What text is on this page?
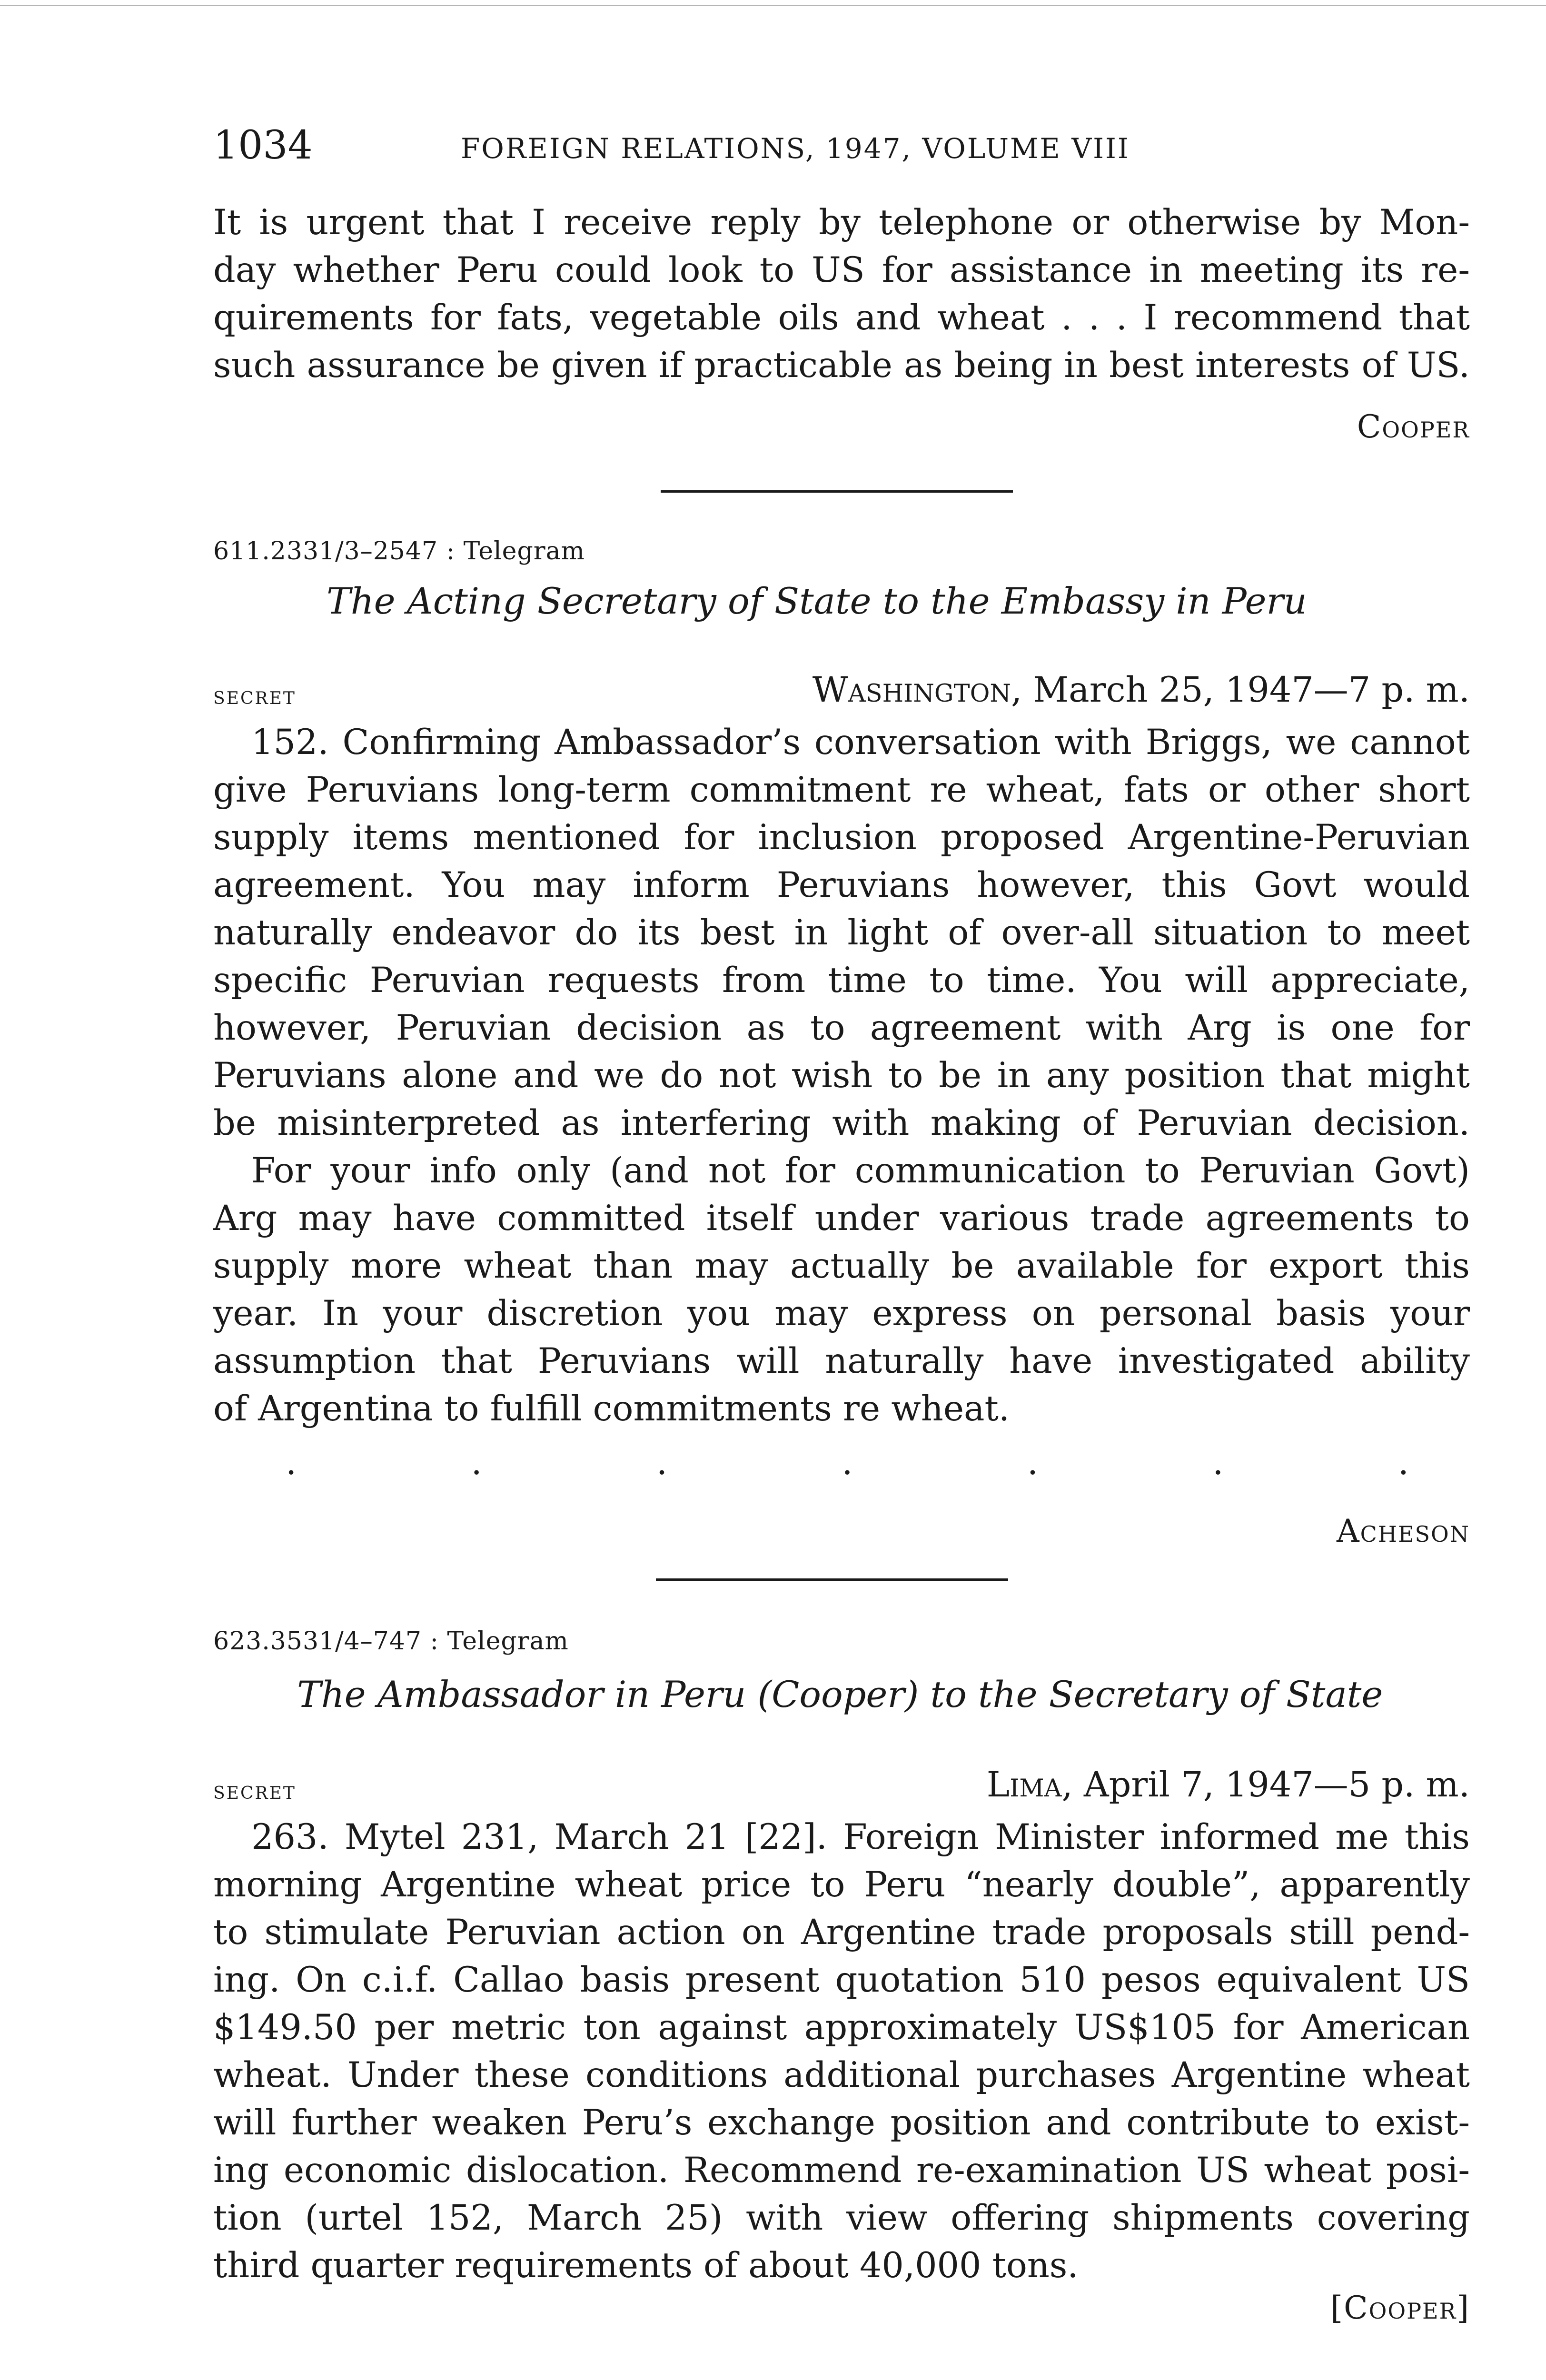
1034	FOREIGN RELATIONS, 1947, VOLUME VIII
It is urgent that I receive reply by telephone or otherwise by Mon-
day whether Peru could look to US for assistance in meeting its re-
quirements for fats, vegetable oils and wheat . . . I recommend that
such assurance be given if practicable as being in best interests of US.
Cooper
611.2331/3–2547 : Telegram
The Acting Secretary of State to the Embassy in Peru
secret	Washington, March 25, 1947—7 p. m.
152. Confirming Ambassador’s conversation with Briggs, we cannot
give Peruvians long-term commitment re wheat, fats or other short
supply items mentioned for inclusion proposed Argentine-Peruvian
agreement. You may inform Peruvians however, this Govt would
naturally endeavor do its best in light of over-all situation to meet
specific Peruvian requests from time to time. You will appreciate,
however, Peruvian decision as to agreement with Arg is one for
Peruvians alone and we do not wish to be in any position that might
be misinterpreted as interfering with making of Peruvian decision.
For your info only (and not for communication to Peruvian Govt)
Arg may have committed itself under various trade agreements to
supply more wheat than may actually be available for export this
year. In your discretion you may express on personal basis your
assumption that Peruvians will naturally have investigated ability
of Argentina to fulfill commitments re wheat.
.	.	.	.	.	.	.
Acheson
623.3531/4–747 : Telegram
The Ambassador in Peru (Cooper) to the Secretary of State
secret	Lima, April 7, 1947—5 p. m.
263. Mytel 231, March 21 [22]. Foreign Minister informed me this
morning Argentine wheat price to Peru “nearly double”, apparently
to stimulate Peruvian action on Argentine trade proposals still pend-
ing. On c.i.f. Callao basis present quotation 510 pesos equivalent US
$149.50 per metric ton against approximately US$105 for American
wheat. Under these conditions additional purchases Argentine wheat
will further weaken Peru’s exchange position and contribute to exist-
ing economic dislocation. Recommend re-examination US wheat posi-
tion (urtel 152, March 25) with view offering shipments covering
third quarter requirements of about 40,000 tons.
[Cooper]
